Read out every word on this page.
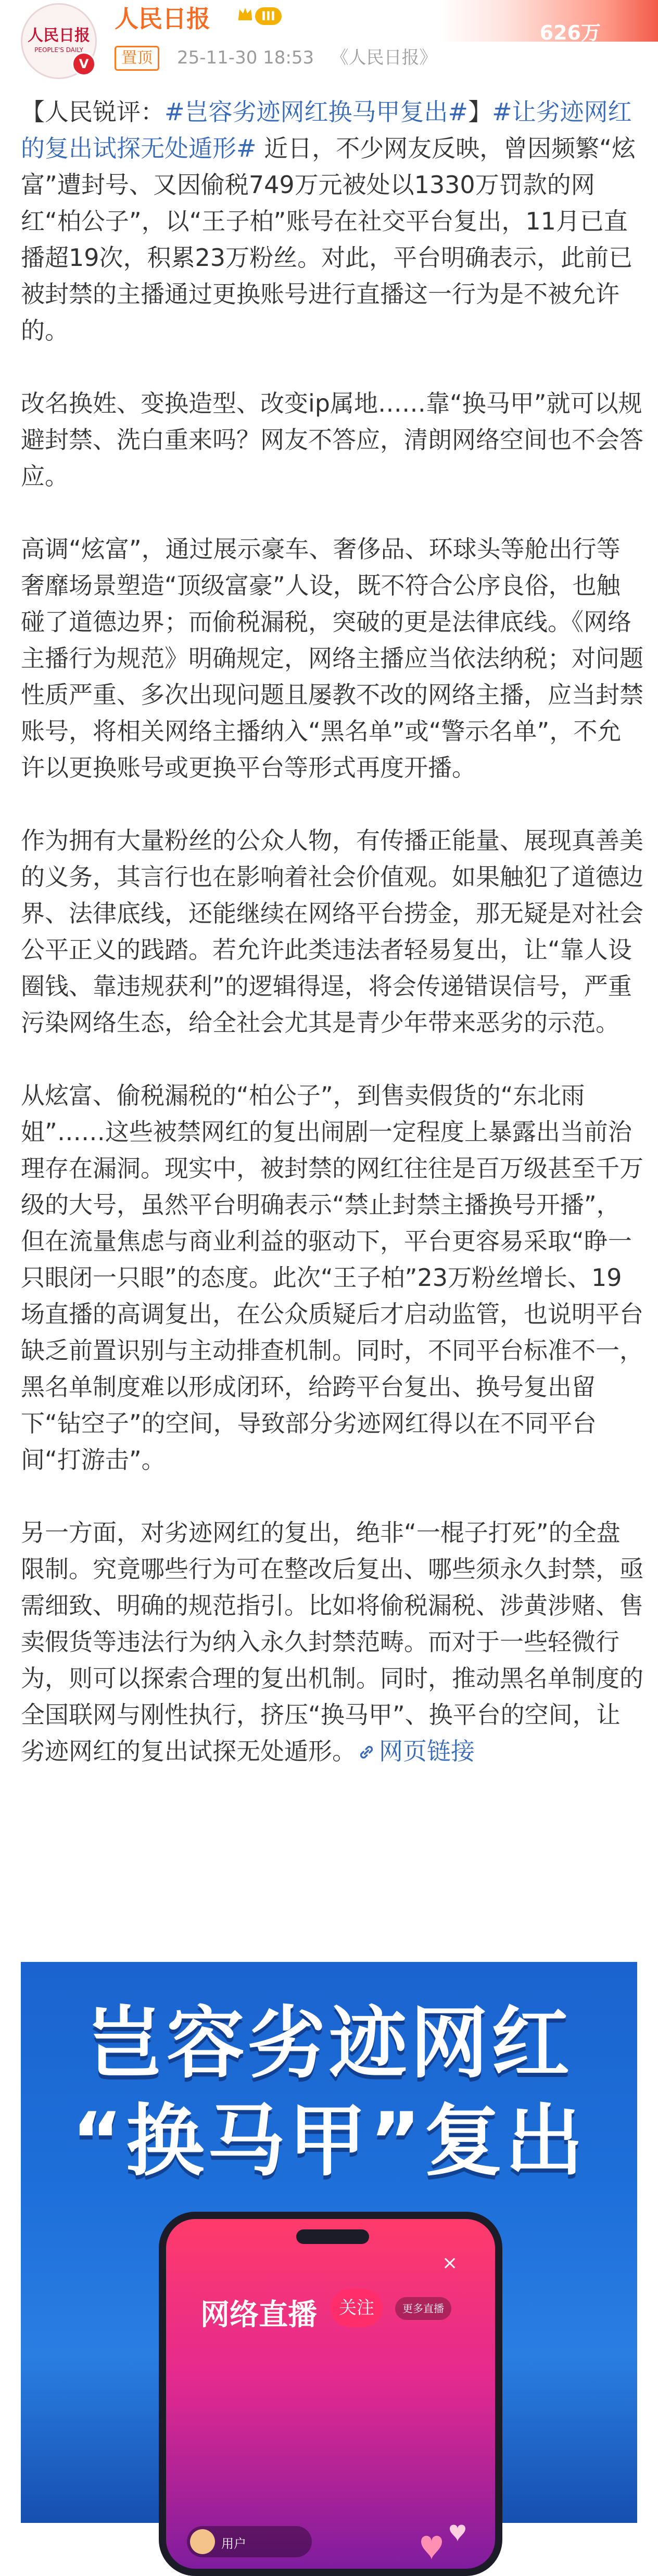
626万
人民日报
PEOPLE'S DAILY
V
人民日报	III
置顶	25-11-30 18:53 《人民日报》

【人民锐评：#岂容劣迹网红换马甲复出#】#让劣迹网红的复出试探无处遁形# 近日，不少网友反映，曾因频繁“炫富”遭封号、又因偷税749万元被处以1330万罚款的网红“柏公子”，以“王子柏”账号在社交平台复出，11月已直播超19次，积累23万粉丝。对此，平台明确表示，此前已被封禁的主播通过更换账号进行直播这一行为是不被允许的。

改名换姓、变换造型、改变ip属地……靠“换马甲”就可以规避封禁、洗白重来吗？网友不答应，清朗网络空间也不会答应。

高调“炫富”，通过展示豪车、奢侈品、环球头等舱出行等奢靡场景塑造“顶级富豪”人设，既不符合公序良俗，也触碰了道德边界；而偷税漏税，突破的更是法律底线。《网络主播行为规范》明确规定，网络主播应当依法纳税；对问题性质严重、多次出现问题且屡教不改的网络主播，应当封禁账号，将相关网络主播纳入“黑名单”或“警示名单”，不允许以更换账号或更换平台等形式再度开播。

作为拥有大量粉丝的公众人物，有传播正能量、展现真善美的义务，其言行也在影响着社会价值观。如果触犯了道德边界、法律底线，还能继续在网络平台捞金，那无疑是对社会公平正义的践踏。若允许此类违法者轻易复出，让“靠人设圈钱、靠违规获利”的逻辑得逞，将会传递错误信号，严重污染网络生态，给全社会尤其是青少年带来恶劣的示范。

从炫富、偷税漏税的“柏公子”，到售卖假货的“东北雨姐”……这些被禁网红的复出闹剧一定程度上暴露出当前治理存在漏洞。现实中，被封禁的网红往往是百万级甚至千万级的大号，虽然平台明确表示“禁止封禁主播换号开播”，但在流量焦虑与商业利益的驱动下，平台更容易采取“睁一只眼闭一只眼”的态度。此次“王子柏”23万粉丝增长、19场直播的高调复出，在公众质疑后才启动监管，也说明平台缺乏前置识别与主动排查机制。同时，不同平台标准不一，黑名单制度难以形成闭环，给跨平台复出、换号复出留下“钻空子”的空间，导致部分劣迹网红得以在不同平台间“打游击”。

另一方面，对劣迹网红的复出，绝非“一棍子打死”的全盘限制。究竟哪些行为可在整改后复出、哪些须永久封禁，亟需细致、明确的规范指引。比如将偷税漏税、涉黄涉赌、售卖假货等违法行为纳入永久封禁范畴。而对于一些轻微行为，则可以探索合理的复出机制。同时，推动黑名单制度的全国联网与刚性执行，挤压“换马甲”、换平台的空间，让劣迹网红的复出试探无处遁形。 网页链接

岂容劣迹网红
“换马甲”复出
×
网络直播	关注	更多直播
用户
